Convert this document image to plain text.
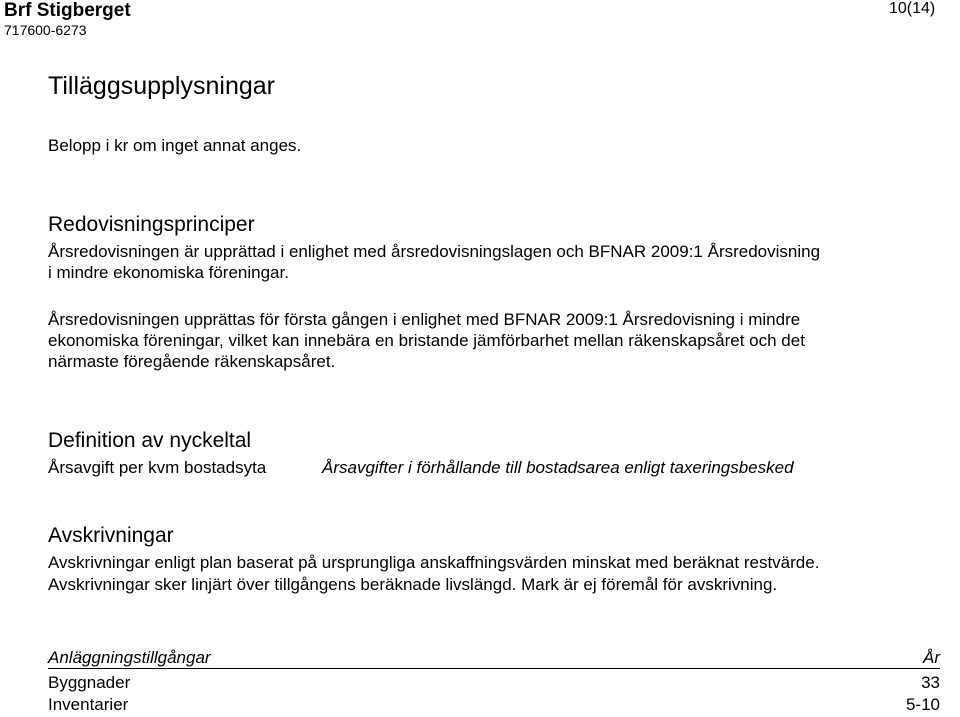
Brf Stigberget
717600-6273
10(14)
Tilläggsupplysningar
Belopp i kr om inget annat anges.
Redovisningsprinciper
Årsredovisningen är upprättad i enlighet med årsredovisningslagen och BFNAR 2009:1 Årsredovisning
i mindre ekonomiska föreningar.
Årsredovisningen upprättas för första gången i enlighet med BFNAR 2009:1 Årsredovisning i mindre
ekonomiska föreningar, vilket kan innebära en bristande jämförbarhet mellan räkenskapsåret och det
närmaste föregående räkenskapsåret.
Definition av nyckeltal
Årsavgift per kvm bostadsyta	Årsavgifter i förhållande till bostadsarea enligt taxeringsbesked
Avskrivningar
Avskrivningar enligt plan baserat på ursprungliga anskaffningsvärden minskat med beräknat restvärde.
Avskrivningar sker linjärt över tillgångens beräknade livslängd. Mark är ej föremål för avskrivning.
Anläggningstillgångar	År
Byggnader	33
Inventarier	5-10
